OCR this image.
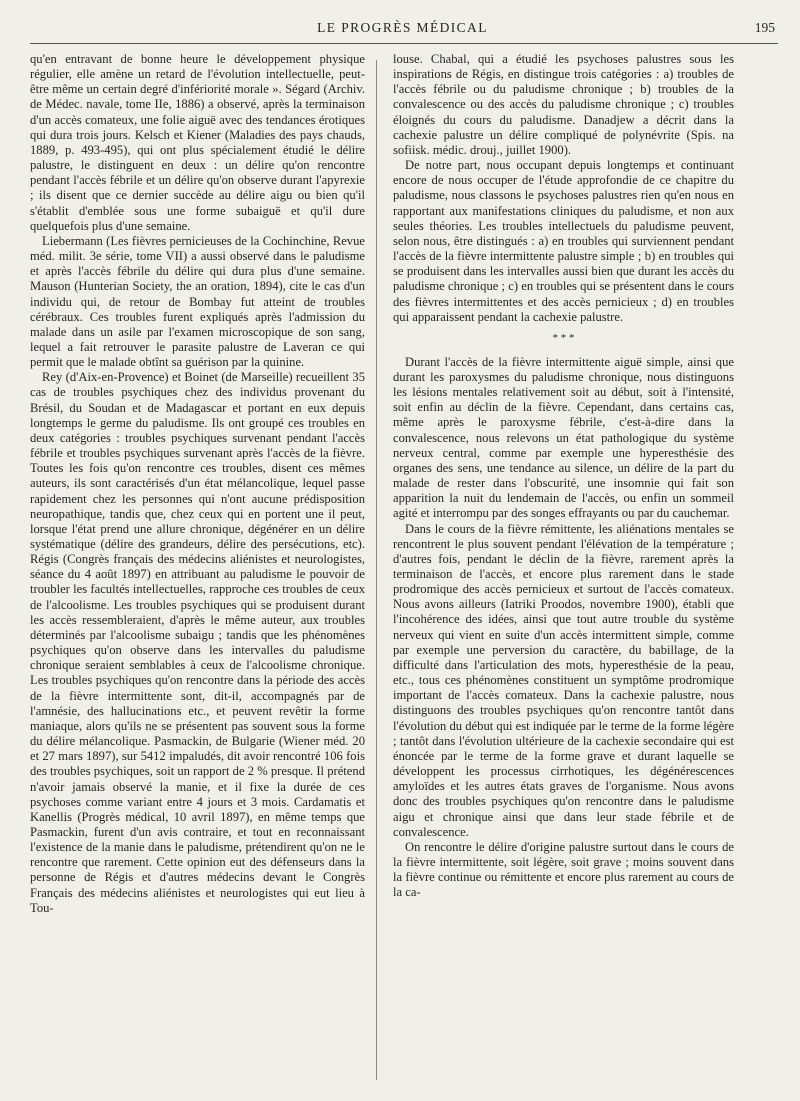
LE PROGRÈS MÉDICAL	195

qu'en entravant de bonne heure le développement physique régulier, elle amène un retard de l'évolution intellectuelle, peut-être même un certain degré d'infériorité morale ». Ségard (Archiv. de Médec. navale, tome IIe, 1886) a observé, après la terminaison d'un accès comateux, une folie aiguë avec des tendances érotiques qui dura trois jours. Kelsch et Kiener (Maladies des pays chauds, 1889, p. 493-495), qui ont plus spécialement étudié le délire palustre, le distinguent en deux : un délire qu'on rencontre pendant l'accès fébrile et un délire qu'on observe durant l'apyrexie ; ils disent que ce dernier succède au délire aigu ou bien qu'il s'établit d'emblée sous une forme subaiguë et qu'il dure quelquefois plus d'une semaine.

Liebermann (Les fièvres pernicieuses de la Cochinchine, Revue méd. milit. 3e série, tome VII) a aussi observé dans le paludisme et après l'accès fébrile du délire qui dura plus d'une semaine. Mauson (Hunterian Society, the an oration, 1894), cite le cas d'un individu qui, de retour de Bombay fut atteint de troubles cérébraux. Ces troubles furent expliqués après l'admission du malade dans un asile par l'examen microscopique de son sang, lequel a fait retrouver le parasite palustre de Laveran ce qui permit que le malade obtînt sa guérison par la quinine.

Rey (d'Aix-en-Provence) et Boinet (de Marseille) recueillent 35 cas de troubles psychiques chez des individus provenant du Brésil, du Soudan et de Madagascar et portant en eux depuis longtemps le germe du paludisme. Ils ont groupé ces troubles en deux catégories : troubles psychiques survenant pendant l'accès fébrile et troubles psychiques survenant après l'accès de la fièvre. Toutes les fois qu'on rencontre ces troubles, disent ces mêmes auteurs, ils sont caractérisés d'un état mélancolique, lequel passe rapidement chez les personnes qui n'ont aucune prédisposition neuropathique, tandis que, chez ceux qui en portent une il peut, lorsque l'état prend une allure chronique, dégénérer en un délire systématique (délire des grandeurs, délire des persécutions, etc). Régis (Congrès français des médecins aliénistes et neurologistes, séance du 4 août 1897) en attribuant au paludisme le pouvoir de troubler les facultés intellectuelles, rapproche ces troubles de ceux de l'alcoolisme. Les troubles psychiques qui se produisent durant les accès ressembleraient, d'après le même auteur, aux troubles déterminés par l'alcoolisme subaigu ; tandis que les phénomènes psychiques qu'on observe dans les intervalles du paludisme chronique seraient semblables à ceux de l'alcoolisme chronique. Les troubles psychiques qu'on rencontre dans la période des accès de la fièvre intermittente sont, dit-il, accompagnés par de l'amnésie, des hallucinations etc., et peuvent revêtir la forme maniaque, alors qu'ils ne se présentent pas souvent sous la forme du délire mélancolique. Pasmackin, de Bulgarie (Wiener méd. 20 et 27 mars 1897), sur 5412 impaludés, dit avoir rencontré 106 fois des troubles psychiques, soit un rapport de 2 % presque. Il prétend n'avoir jamais observé la manie, et il fixe la durée de ces psychoses comme variant entre 4 jours et 3 mois. Cardamatis et Kanellis (Progrès médical, 10 avril 1897), en même temps que Pasmackin, furent d'un avis contraire, et tout en reconnaissant l'existence de la manie dans le paludisme, prétendirent qu'on ne le rencontre que rarement. Cette opinion eut des défenseurs dans la personne de Régis et d'autres médecins devant le Congrès Français des médecins aliénistes et neurologistes qui eut lieu à Tou-

louse. Chabal, qui a étudié les psychoses palustres sous les inspirations de Régis, en distingue trois catégories : a) troubles de l'accès fébrile ou du paludisme chronique ; b) troubles de la convalescence ou des accès du paludisme chronique ; c) troubles éloignés du cours du paludisme. Danadjew a décrit dans la cachexie palustre un délire compliqué de polynévrite (Spis. na sofiisk. médic. drouj., juillet 1900).

De notre part, nous occupant depuis longtemps et continuant encore de nous occuper de l'étude approfondie de ce chapitre du paludisme, nous classons le psychoses palustres rien qu'en nous en rapportant aux manifestations cliniques du paludisme, et non aux seules théories. Les troubles intellectuels du paludisme peuvent, selon nous, être distingués : a) en troubles qui surviennent pendant l'accès de la fièvre intermittente palustre simple ; b) en troubles qui se produisent dans les intervalles aussi bien que durant les accès du paludisme chronique ; c) en troubles qui se présentent dans le cours des fièvres intermittentes et des accès pernicieux ; d) en troubles qui apparaissent pendant la cachexie palustre.

* * *

Durant l'accès de la fièvre intermittente aiguë simple, ainsi que durant les paroxysmes du paludisme chronique, nous distinguons les lésions mentales relativement soit au début, soit à l'intensité, soit enfin au déclin de la fièvre. Cependant, dans certains cas, même après le paroxysme fébrile, c'est-à-dire dans la convalescence, nous relevons un état pathologique du système nerveux central, comme par exemple une hyperesthésie des organes des sens, une tendance au silence, un délire de la part du malade de rester dans l'obscurité, une insomnie qui fait son apparition la nuit du lendemain de l'accès, ou enfin un sommeil agité et interrompu par des songes effrayants ou par du cauchemar.

Dans le cours de la fièvre rémittente, les aliénations mentales se rencontrent le plus souvent pendant l'élévation de la température ; d'autres fois, pendant le déclin de la fièvre, rarement après la terminaison de l'accès, et encore plus rarement dans le stade prodromique des accès pernicieux et surtout de l'accès comateux. Nous avons ailleurs (Iatriki Proodos, novembre 1900), établi que l'incohérence des idées, ainsi que tout autre trouble du système nerveux qui vient en suite d'un accès intermittent simple, comme par exemple une perversion du caractère, du babillage, de la difficulté dans l'articulation des mots, hyperesthésie de la peau, etc., tous ces phénomènes constituent un symptôme prodromique important de l'accès comateux. Dans la cachexie palustre, nous distinguons des troubles psychiques qu'on rencontre tantôt dans l'évolution du début qui est indiquée par le terme de la forme légère ; tantôt dans l'évolution ultérieure de la cachexie secondaire qui est énoncée par le terme de la forme grave et durant laquelle se développent les processus cirrhotiques, les dégénérescences amyloïdes et les autres états graves de l'organisme. Nous avons donc des troubles psychiques qu'on rencontre dans le paludisme aigu et chronique ainsi que dans leur stade fébrile et de convalescence.

On rencontre le délire d'origine palustre surtout dans le cours de la fièvre intermittente, soit légère, soit grave ; moins souvent dans la fièvre continue ou rémittente et encore plus rarement au cours de la ca-
